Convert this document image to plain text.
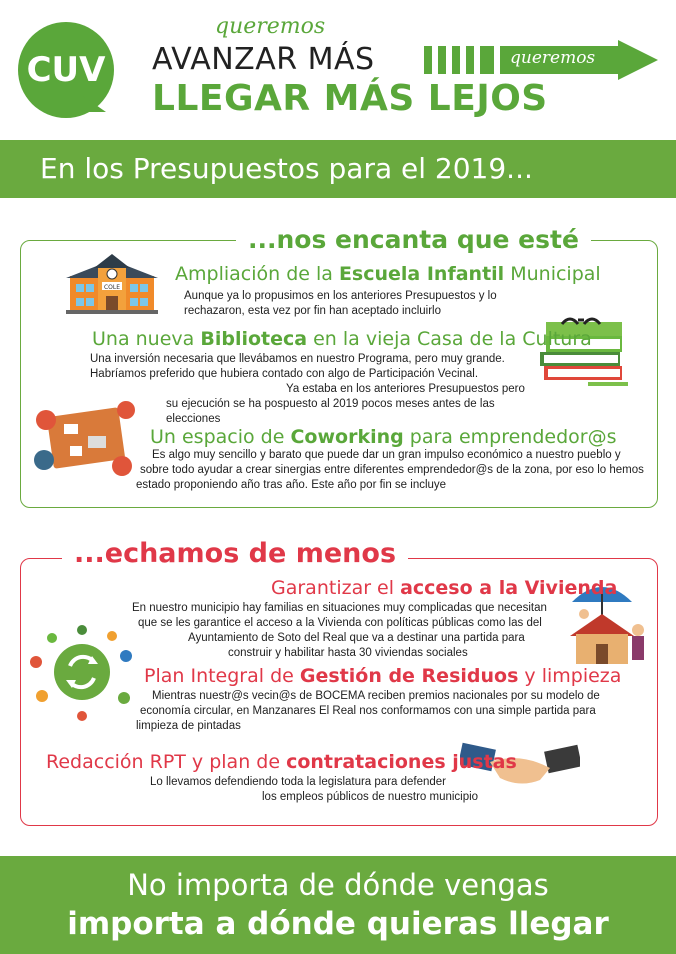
CUV
queremos
AVANZAR MÁS
LLEGAR MÁS LEJOS
queremos
En los Presupuestos para el 2019...
...nos encanta que esté
COLE
Ampliación de la Escuela Infantil Municipal
Aunque ya lo propusimos en los anteriores Presupuestos y lo
rechazaron, esta vez por fin han aceptado incluirlo
Una nueva Biblioteca en la vieja Casa de la Cultura
Una inversión necesaria que llevábamos en nuestro Programa, pero muy grande.
Habríamos preferido que hubiera contado con algo de Participación Vecinal.
Ya estaba en los anteriores Presupuestos pero
su ejecución se ha pospuesto al 2019 pocos meses antes de las elecciones
Un espacio de Coworking para emprendedor@s
Es algo muy sencillo y barato que puede dar un gran impulso económico a nuestro pueblo y
sobre todo ayudar a crear sinergias entre diferentes emprendedor@s de la zona, por eso lo hemos
estado proponiendo año tras año. Este año por fin se incluye
...echamos de menos
Garantizar el acceso a la Vivienda
En nuestro municipio hay familias en situaciones muy complicadas que necesitan
que se les garantice el acceso a la Vivienda con políticas públicas como las del
Ayuntamiento de Soto del Real que va a destinar una partida para
construir y habilitar hasta 30 viviendas sociales
Plan Integral de Gestión de Residuos y limpieza
Mientras nuestr@s vecin@s de BOCEMA reciben premios nacionales por su modelo de
economía circular, en Manzanares El Real nos conformamos con una simple partida para
limpieza de pintadas
Redacción RPT y plan de contrataciones justas
Lo llevamos defendiendo toda la legislatura para defender
los empleos públicos de nuestro municipio
No importa de dónde vengas
importa a dónde quieras llegar
